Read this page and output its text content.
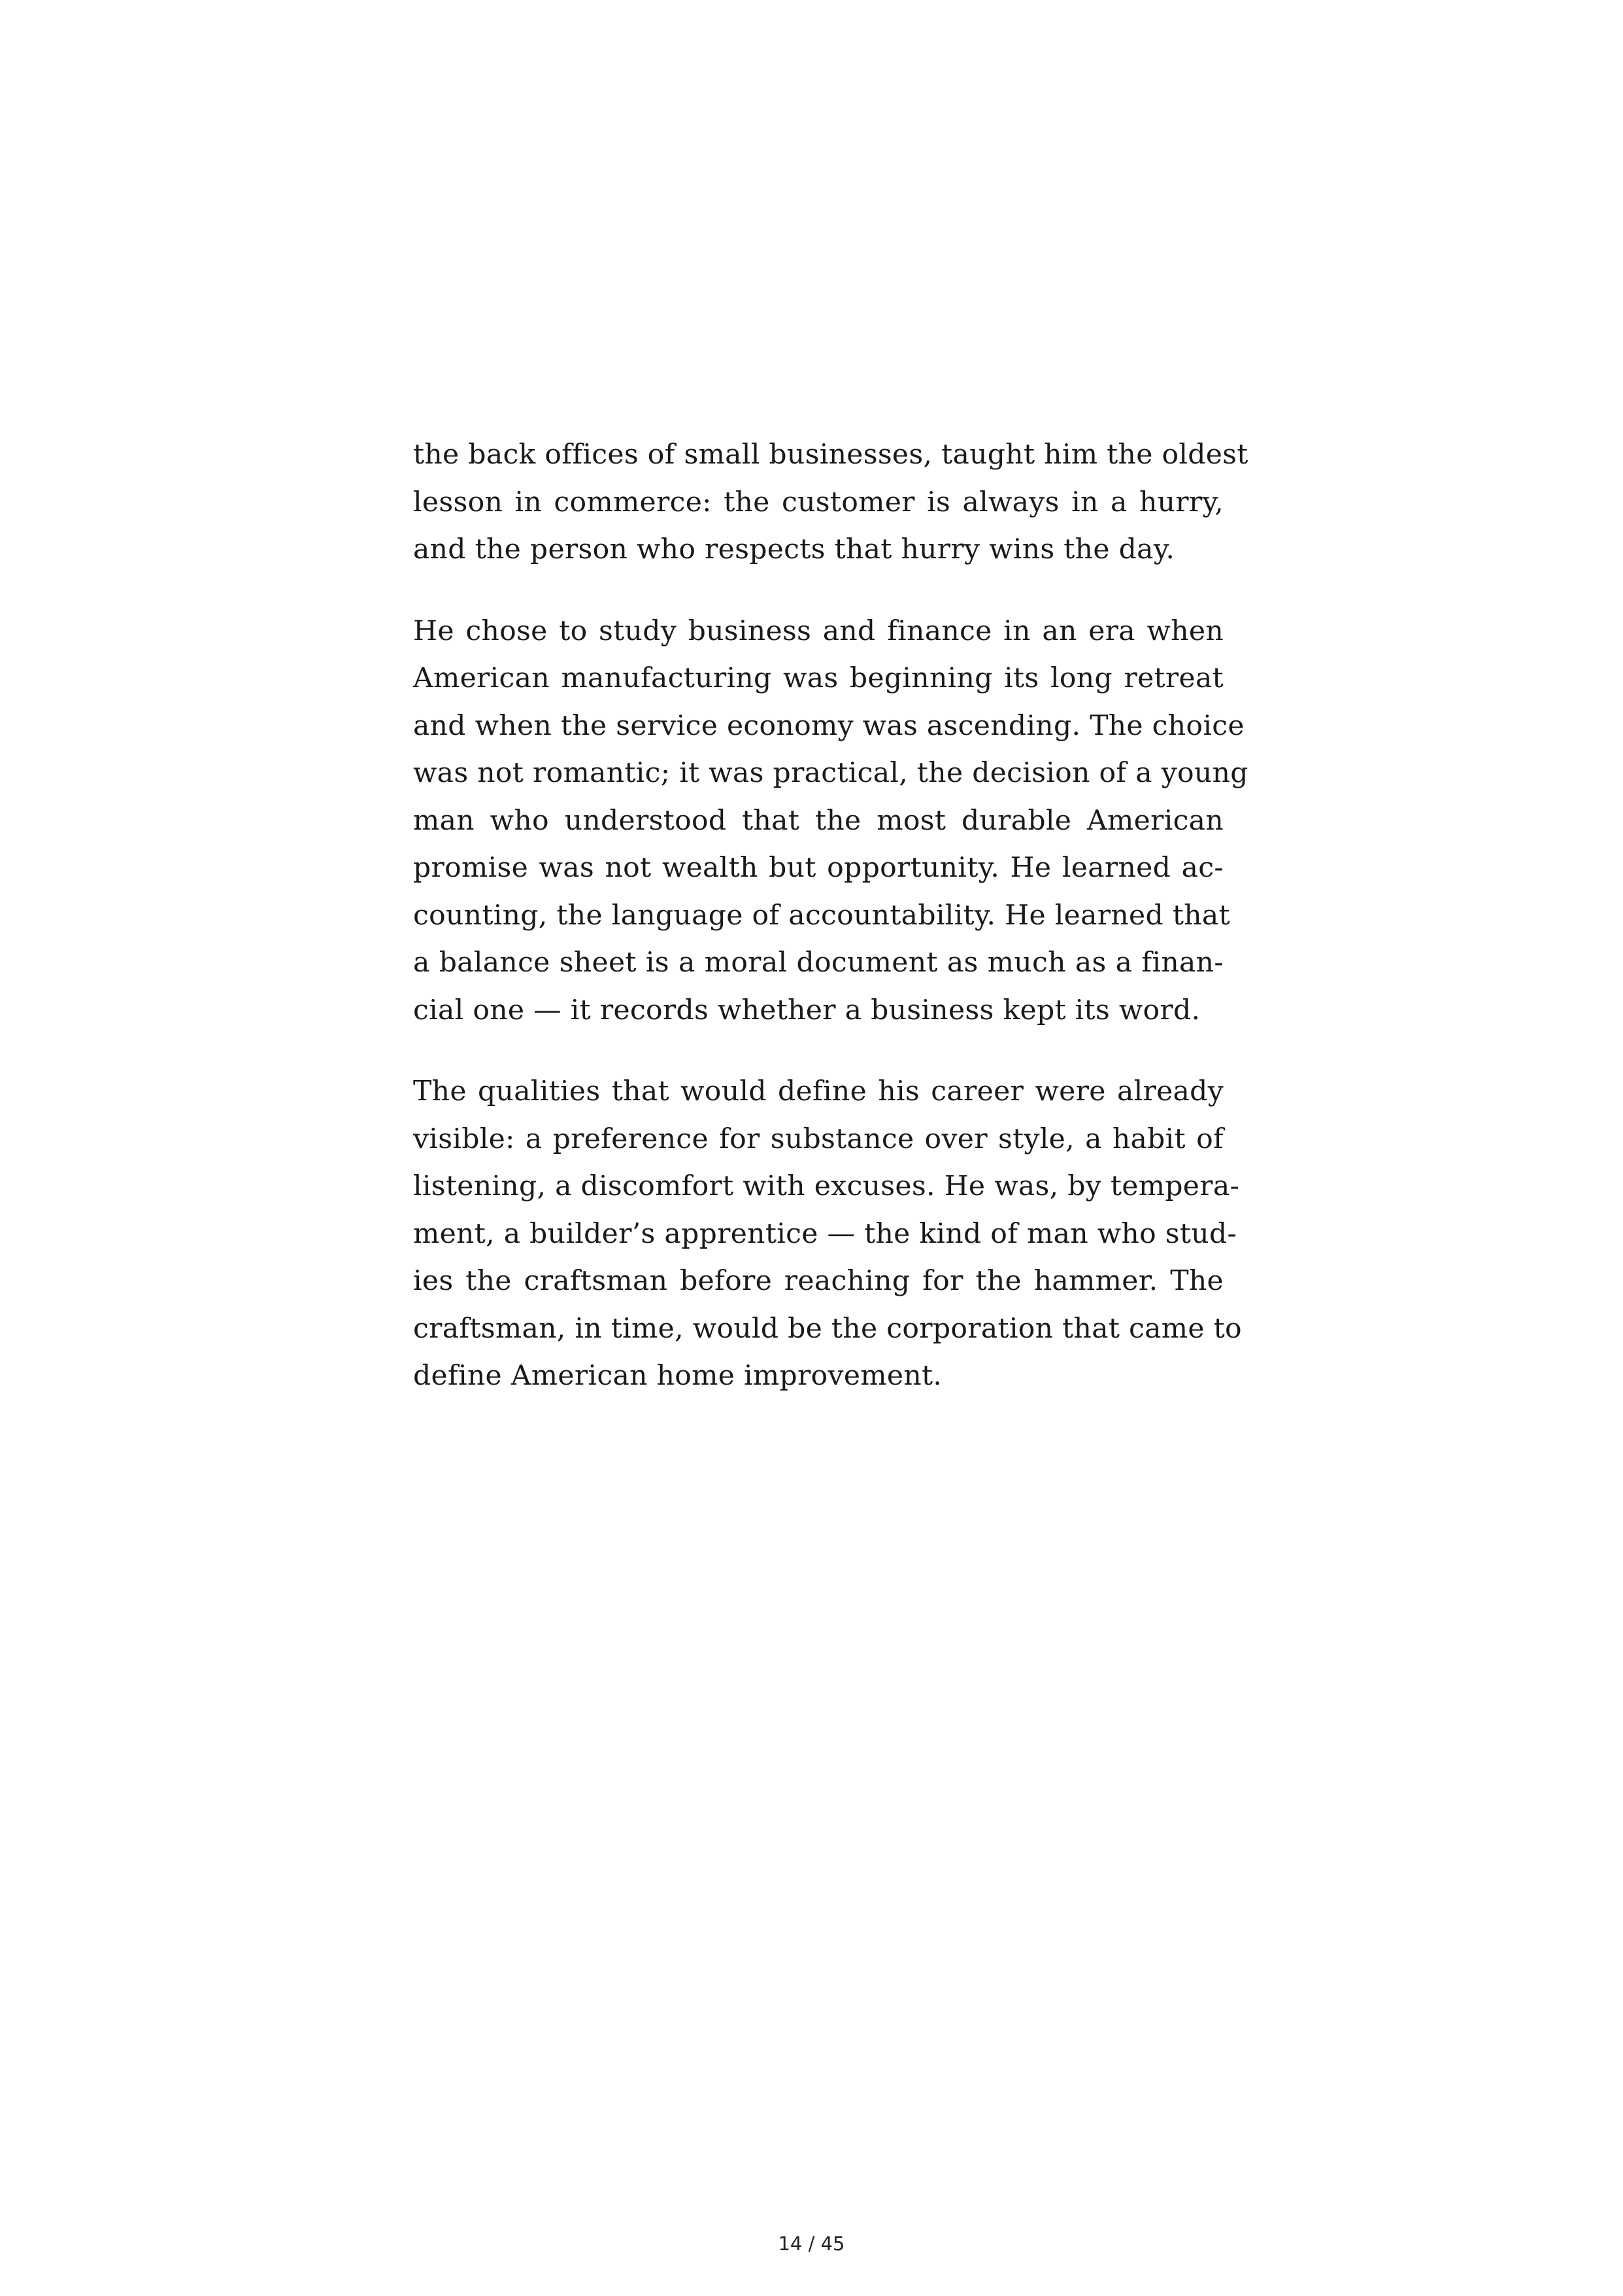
the back offices of small businesses, taught him the oldest
lesson in commerce: the customer is always in a hurry,
and the person who respects that hurry wins the day.
He chose to study business and finance in an era when
American manufacturing was beginning its long retreat
and when the service economy was ascending. The choice
was not romantic; it was practical, the decision of a young
man who understood that the most durable American
promise was not wealth but opportunity. He learned ac-
counting, the language of accountability. He learned that
a balance sheet is a moral document as much as a finan-
cial one — it records whether a business kept its word.
The qualities that would define his career were already
visible: a preference for substance over style, a habit of
listening, a discomfort with excuses. He was, by tempera-
ment, a builder’s apprentice — the kind of man who stud-
ies the craftsman before reaching for the hammer. The
craftsman, in time, would be the corporation that came to
define American home improvement.
14 / 45
